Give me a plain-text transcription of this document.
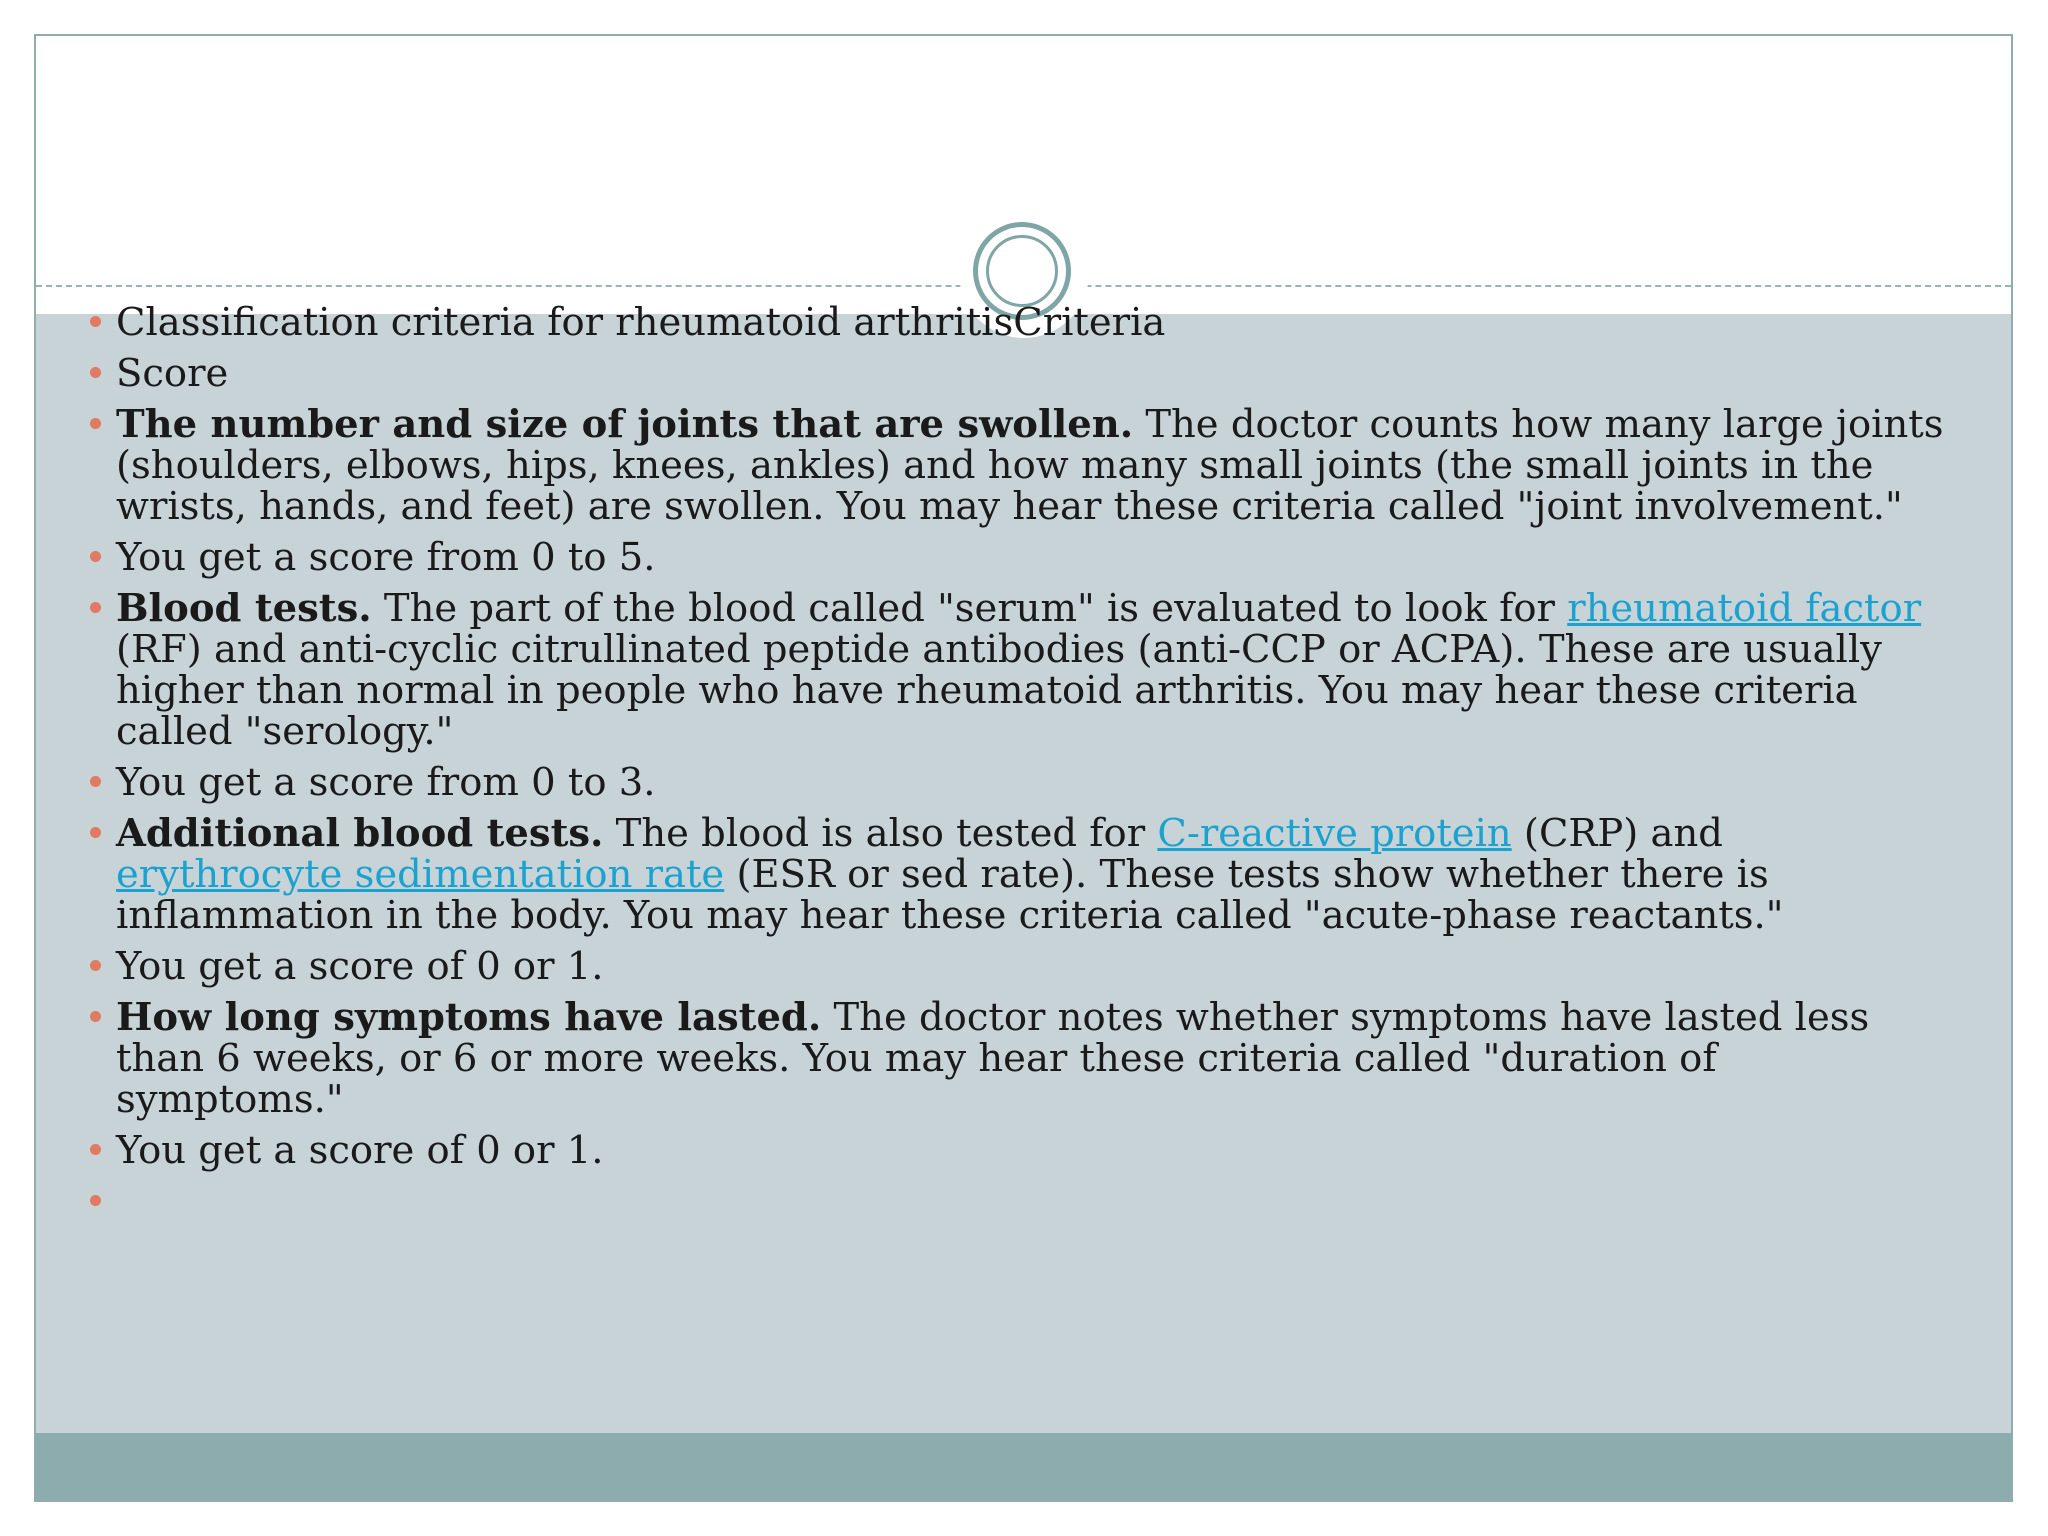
Classification criteria for rheumatoid arthritisCriteria
Score
The number and size of joints that are swollen. The doctor counts how many large joints (shoulders, elbows, hips, knees, ankles) and how many small joints (the small joints in the wrists, hands, and feet) are swollen. You may hear these criteria called "joint involvement."
You get a score from 0 to 5.
Blood tests. The part of the blood called "serum" is evaluated to look for rheumatoid factor (RF) and anti-cyclic citrullinated peptide antibodies (anti-CCP or ACPA). These are usually higher than normal in people who have rheumatoid arthritis. You may hear these criteria called "serology."
You get a score from 0 to 3.
Additional blood tests. The blood is also tested for C-reactive protein (CRP) and erythrocyte sedimentation rate (ESR or sed rate). These tests show whether there is inflammation in the body. You may hear these criteria called "acute-phase reactants."
You get a score of 0 or 1.
How long symptoms have lasted. The doctor notes whether symptoms have lasted less than 6 weeks, or 6 or more weeks. You may hear these criteria called "duration of symptoms."
You get a score of 0 or 1.
